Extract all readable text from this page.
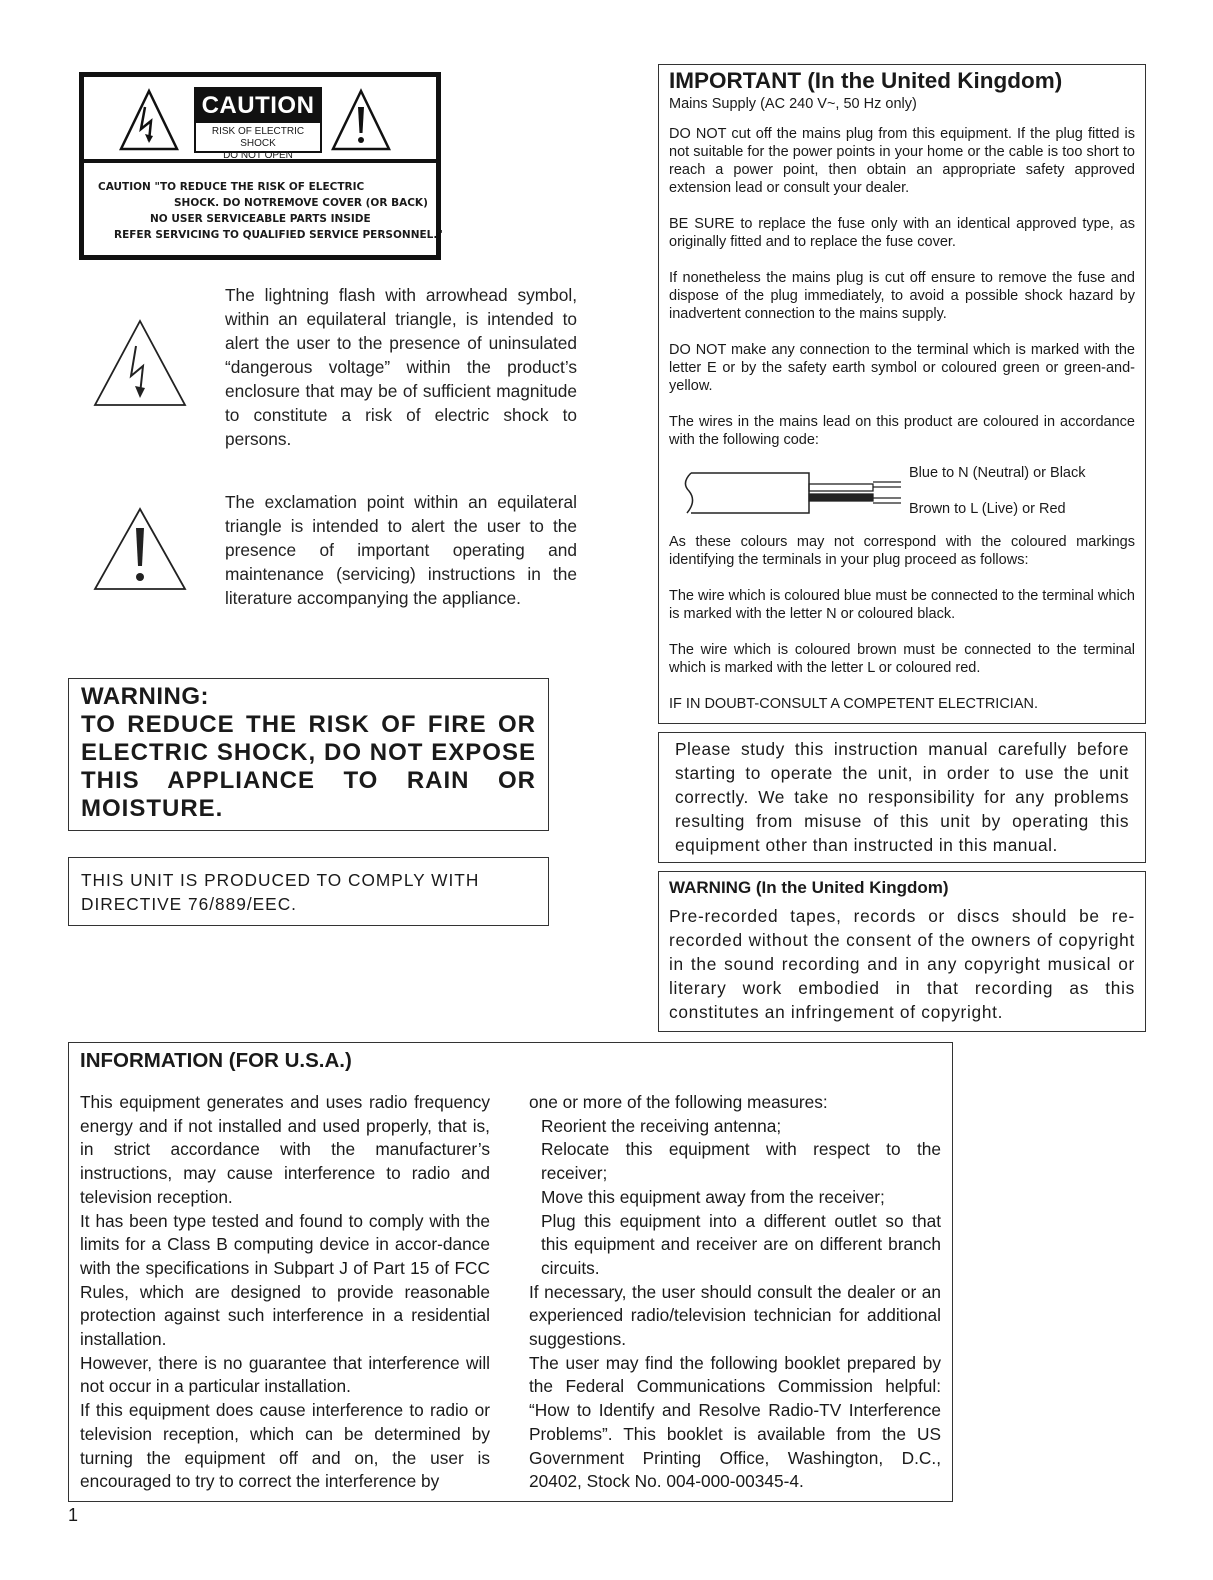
CAUTION
RISK OF ELECTRIC SHOCK
DO NOT OPEN
CAUTION "TO REDUCE THE RISK OF ELECTRIC
SHOCK. DO NOTREMOVE COVER (OR BACK)
NO USER SERVICEABLE PARTS INSIDE
REFER SERVICING TO QUALIFIED SERVICE PERSONNEL."
The lightning flash with arrowhead symbol, within an equilateral triangle, is intended to alert the user to the presence of uninsulated “dangerous voltage” within the product’s enclosure that may be of sufficient magnitude to constitute a risk of electric shock to persons.
The exclamation point within an equilateral triangle is intended to alert the user to the presence of important operating and maintenance (servicing) instructions in the literature accompanying the appliance.
WARNING:
TO REDUCE THE RISK OF FIRE OR ELECTRIC SHOCK, DO NOT EXPOSE THIS APPLIANCE TO RAIN OR MOISTURE.
THIS UNIT IS PRODUCED TO COMPLY WITH DIRECTIVE 76/889/EEC.
IMPORTANT (In the United Kingdom)
Mains Supply (AC 240 V~, 50 Hz only)

DO NOT cut off the mains plug from this equipment. If the plug fitted is not suitable for the power points in your home or the cable is too short to reach a power point, then obtain an appropriate safety approved extension lead or consult your dealer.

BE SURE to replace the fuse only with an identical approved type, as originally fitted and to replace the fuse cover.

If nonetheless the mains plug is cut off ensure to remove the fuse and dispose of the plug immediately, to avoid a possible shock hazard by inadvertent connection to the mains supply.

DO NOT make any connection to the terminal which is marked with the letter E or by the safety earth symbol or coloured green or green-and-yellow.

The wires in the mains lead on this product are coloured in accordance with the following code:

Blue to N (Neutral) or Black
Brown to L (Live) or Red

As these colours may not correspond with the coloured markings identifying the terminals in your plug proceed as follows:

The wire which is coloured blue must be connected to the terminal which is marked with the letter N or coloured black.

The wire which is coloured brown must be connected to the terminal which is marked with the letter L or coloured red.

IF IN DOUBT-CONSULT A COMPETENT ELECTRICIAN.

Please study this instruction manual carefully before starting to operate the unit, in order to use the unit correctly. We take no responsibility for any problems resulting from misuse of this unit by operating this equipment other than instructed in this manual.
WARNING (In the United Kingdom)
Pre-recorded tapes, records or discs should be re-recorded without the consent of the owners of copyright in the sound recording and in any copyright musical or literary work embodied in that recording as this constitutes an infringement of copyright.
INFORMATION (FOR U.S.A.)
This equipment generates and uses radio frequency energy and if not installed and used properly, that is, in strict accordance with the manufacturer’s instructions, may cause interference to radio and television reception.
It has been type tested and found to comply with the limits for a Class B computing device in accor-dance with the specifications in Subpart J of Part 15 of FCC Rules, which are designed to provide reasonable protection against such interference in a residential installation.
However, there is no guarantee that interference will not occur in a particular installation.
If this equipment does cause interference to radio or television reception, which can be determined by turning the equipment off and on, the user is encouraged to try to correct the interference by
one or more of the following measures:
Reorient the receiving antenna;
Relocate this equipment with respect to the receiver;
Move this equipment away from the receiver;
Plug this equipment into a different outlet so that this equipment and receiver are on different branch circuits.
If necessary, the user should consult the dealer or an experienced radio/television technician for additional suggestions.
The user may find the following booklet prepared by the Federal Communications Commission helpful: “How to Identify and Resolve Radio-TV Interference Problems”. This booklet is available from the US Government Printing Office, Washington, D.C., 20402, Stock No. 004-000-00345-4.
1
